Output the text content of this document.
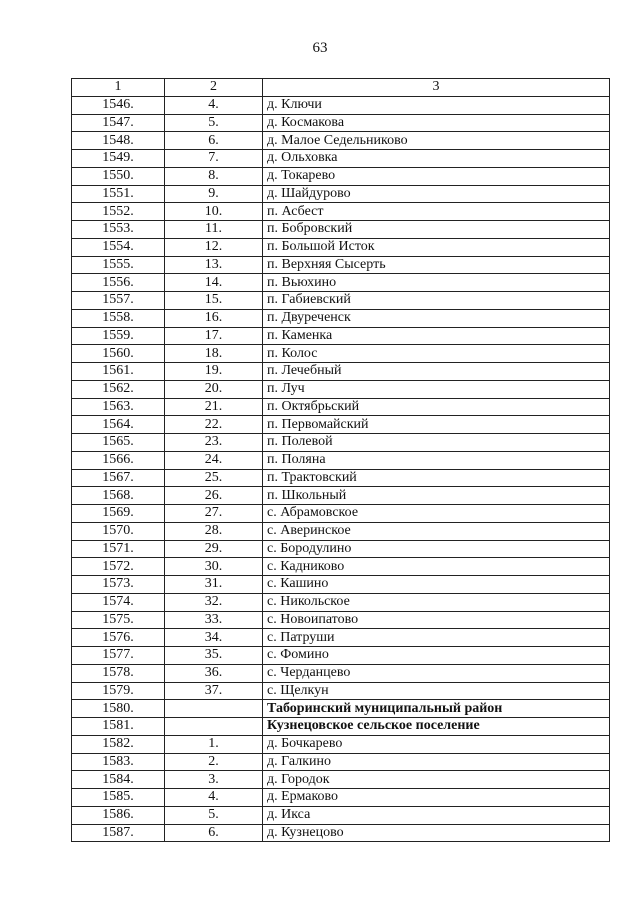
63
1	2	3
1546.	4.	д. Ключи
1547.	5.	д. Космакова
1548.	6.	д. Малое Седельниково
1549.	7.	д. Ольховка
1550.	8.	д. Токарево
1551.	9.	д. Шайдурово
1552.	10.	п. Асбест
1553.	11.	п. Бобровский
1554.	12.	п. Большой Исток
1555.	13.	п. Верхняя Сысерть
1556.	14.	п. Вьюхино
1557.	15.	п. Габиевский
1558.	16.	п. Двуреченск
1559.	17.	п. Каменка
1560.	18.	п. Колос
1561.	19.	п. Лечебный
1562.	20.	п. Луч
1563.	21.	п. Октябрьский
1564.	22.	п. Первомайский
1565.	23.	п. Полевой
1566.	24.	п. Поляна
1567.	25.	п. Трактовский
1568.	26.	п. Школьный
1569.	27.	с. Абрамовское
1570.	28.	с. Аверинское
1571.	29.	с. Бородулино
1572.	30.	с. Кадниково
1573.	31.	с. Кашино
1574.	32.	с. Никольское
1575.	33.	с. Новоипатово
1576.	34.	с. Патруши
1577.	35.	с. Фомино
1578.	36.	с. Черданцево
1579.	37.	с. Щелкун
1580.		Таборинский муниципальный район
1581.		Кузнецовское сельское поселение
1582.	1.	д. Бочкарево
1583.	2.	д. Галкино
1584.	3.	д. Городок
1585.	4.	д. Ермаково
1586.	5.	д. Икса
1587.	6.	д. Кузнецово
